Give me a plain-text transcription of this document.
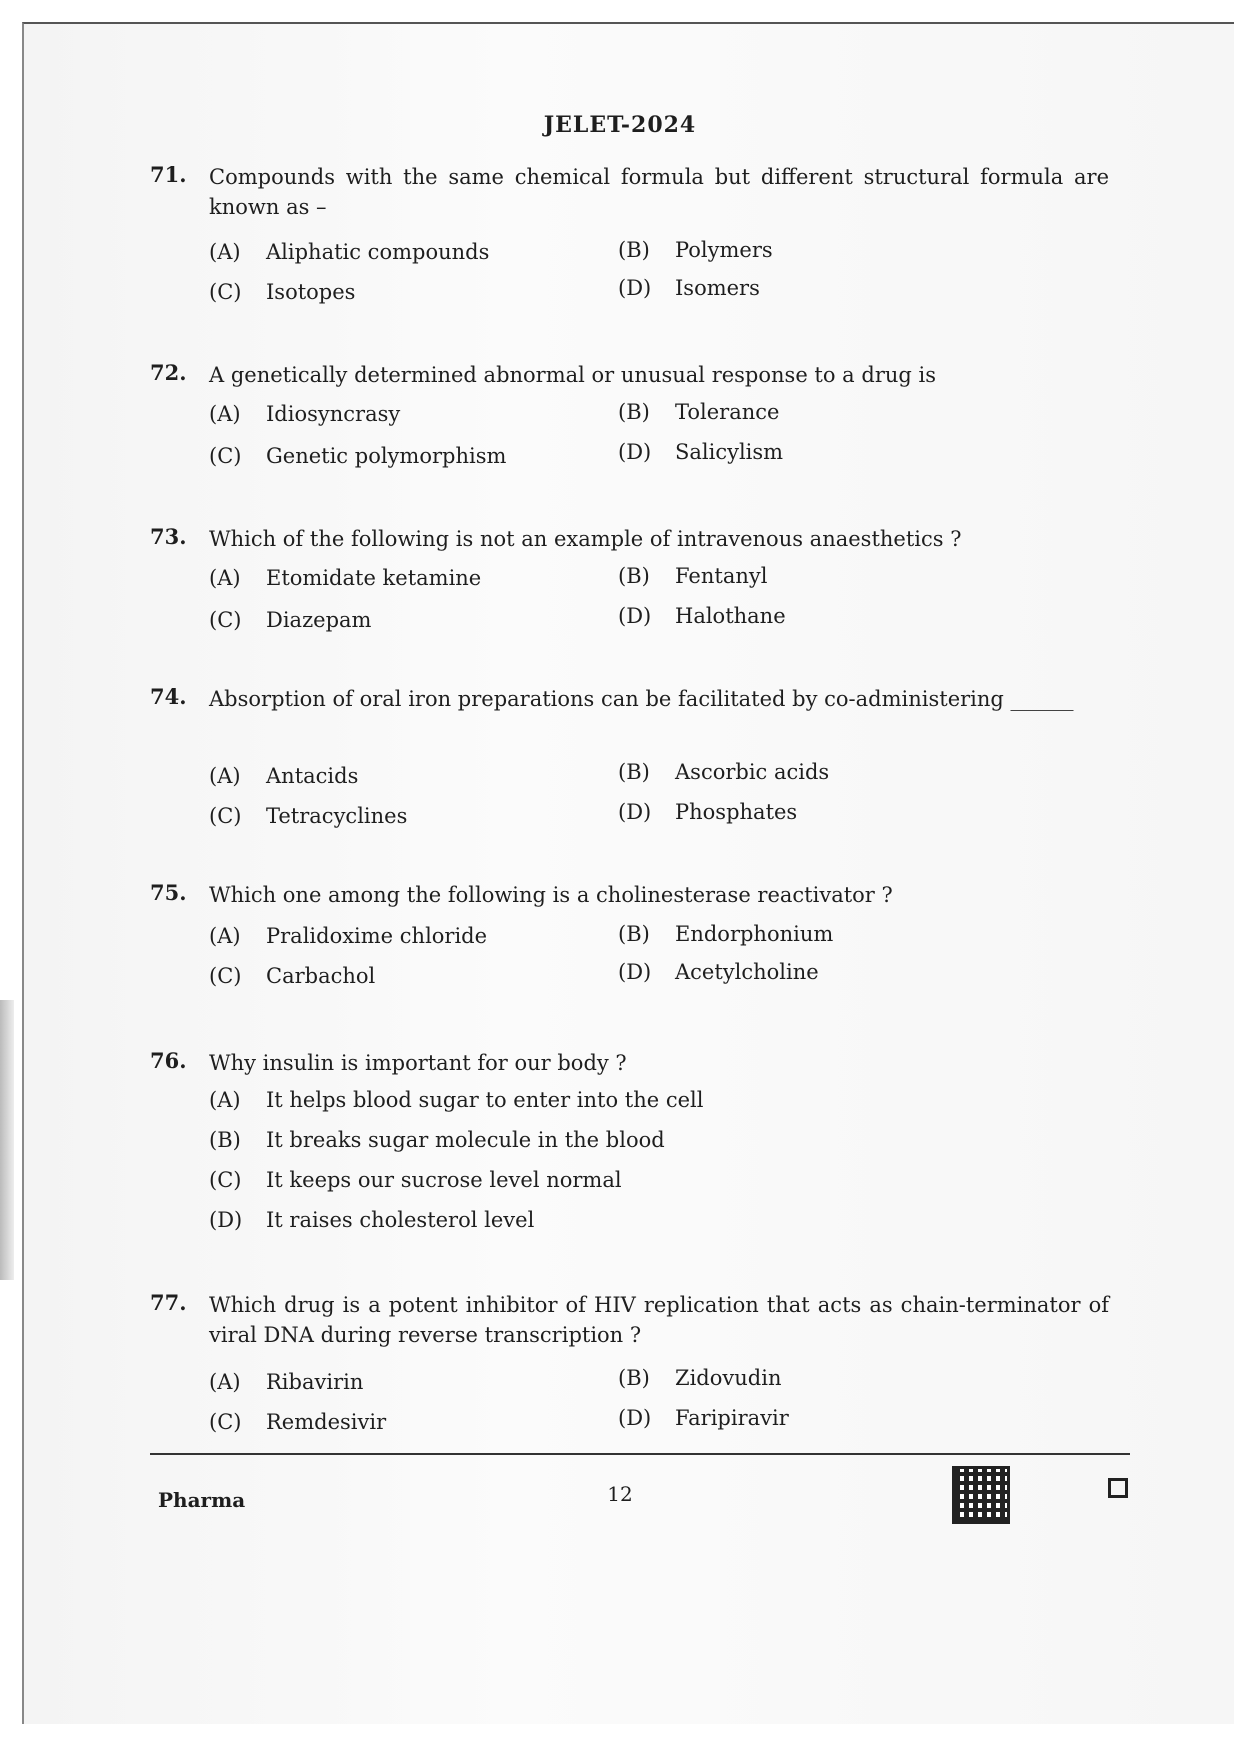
JELET-2024
71. Compounds with the same chemical formula but different structural formula are known as –
(A) Aliphatic compounds	(B) Polymers
(C) Isotopes	(D) Isomers
72. A genetically determined abnormal or unusual response to a drug is
(A) Idiosyncrasy	(B) Tolerance
(C) Genetic polymorphism	(D) Salicylism
73. Which of the following is not an example of intravenous anaesthetics ?
(A) Etomidate ketamine	(B) Fentanyl
(C) Diazepam	(D) Halothane
74. Absorption of oral iron preparations can be facilitated by co-administering ______
(A) Antacids	(B) Ascorbic acids
(C) Tetracyclines	(D) Phosphates
75. Which one among the following is a cholinesterase reactivator ?
(A) Pralidoxime chloride	(B) Endorphonium
(C) Carbachol	(D) Acetylcholine
76. Why insulin is important for our body ?
(A) It helps blood sugar to enter into the cell
(B) It breaks sugar molecule in the blood
(C) It keeps our sucrose level normal
(D) It raises cholesterol level
77. Which drug is a potent inhibitor of HIV replication that acts as chain-terminator of viral DNA during reverse transcription ?
(A) Ribavirin	(B) Zidovudin
(C) Remdesivir	(D) Faripiravir
Pharma	12
